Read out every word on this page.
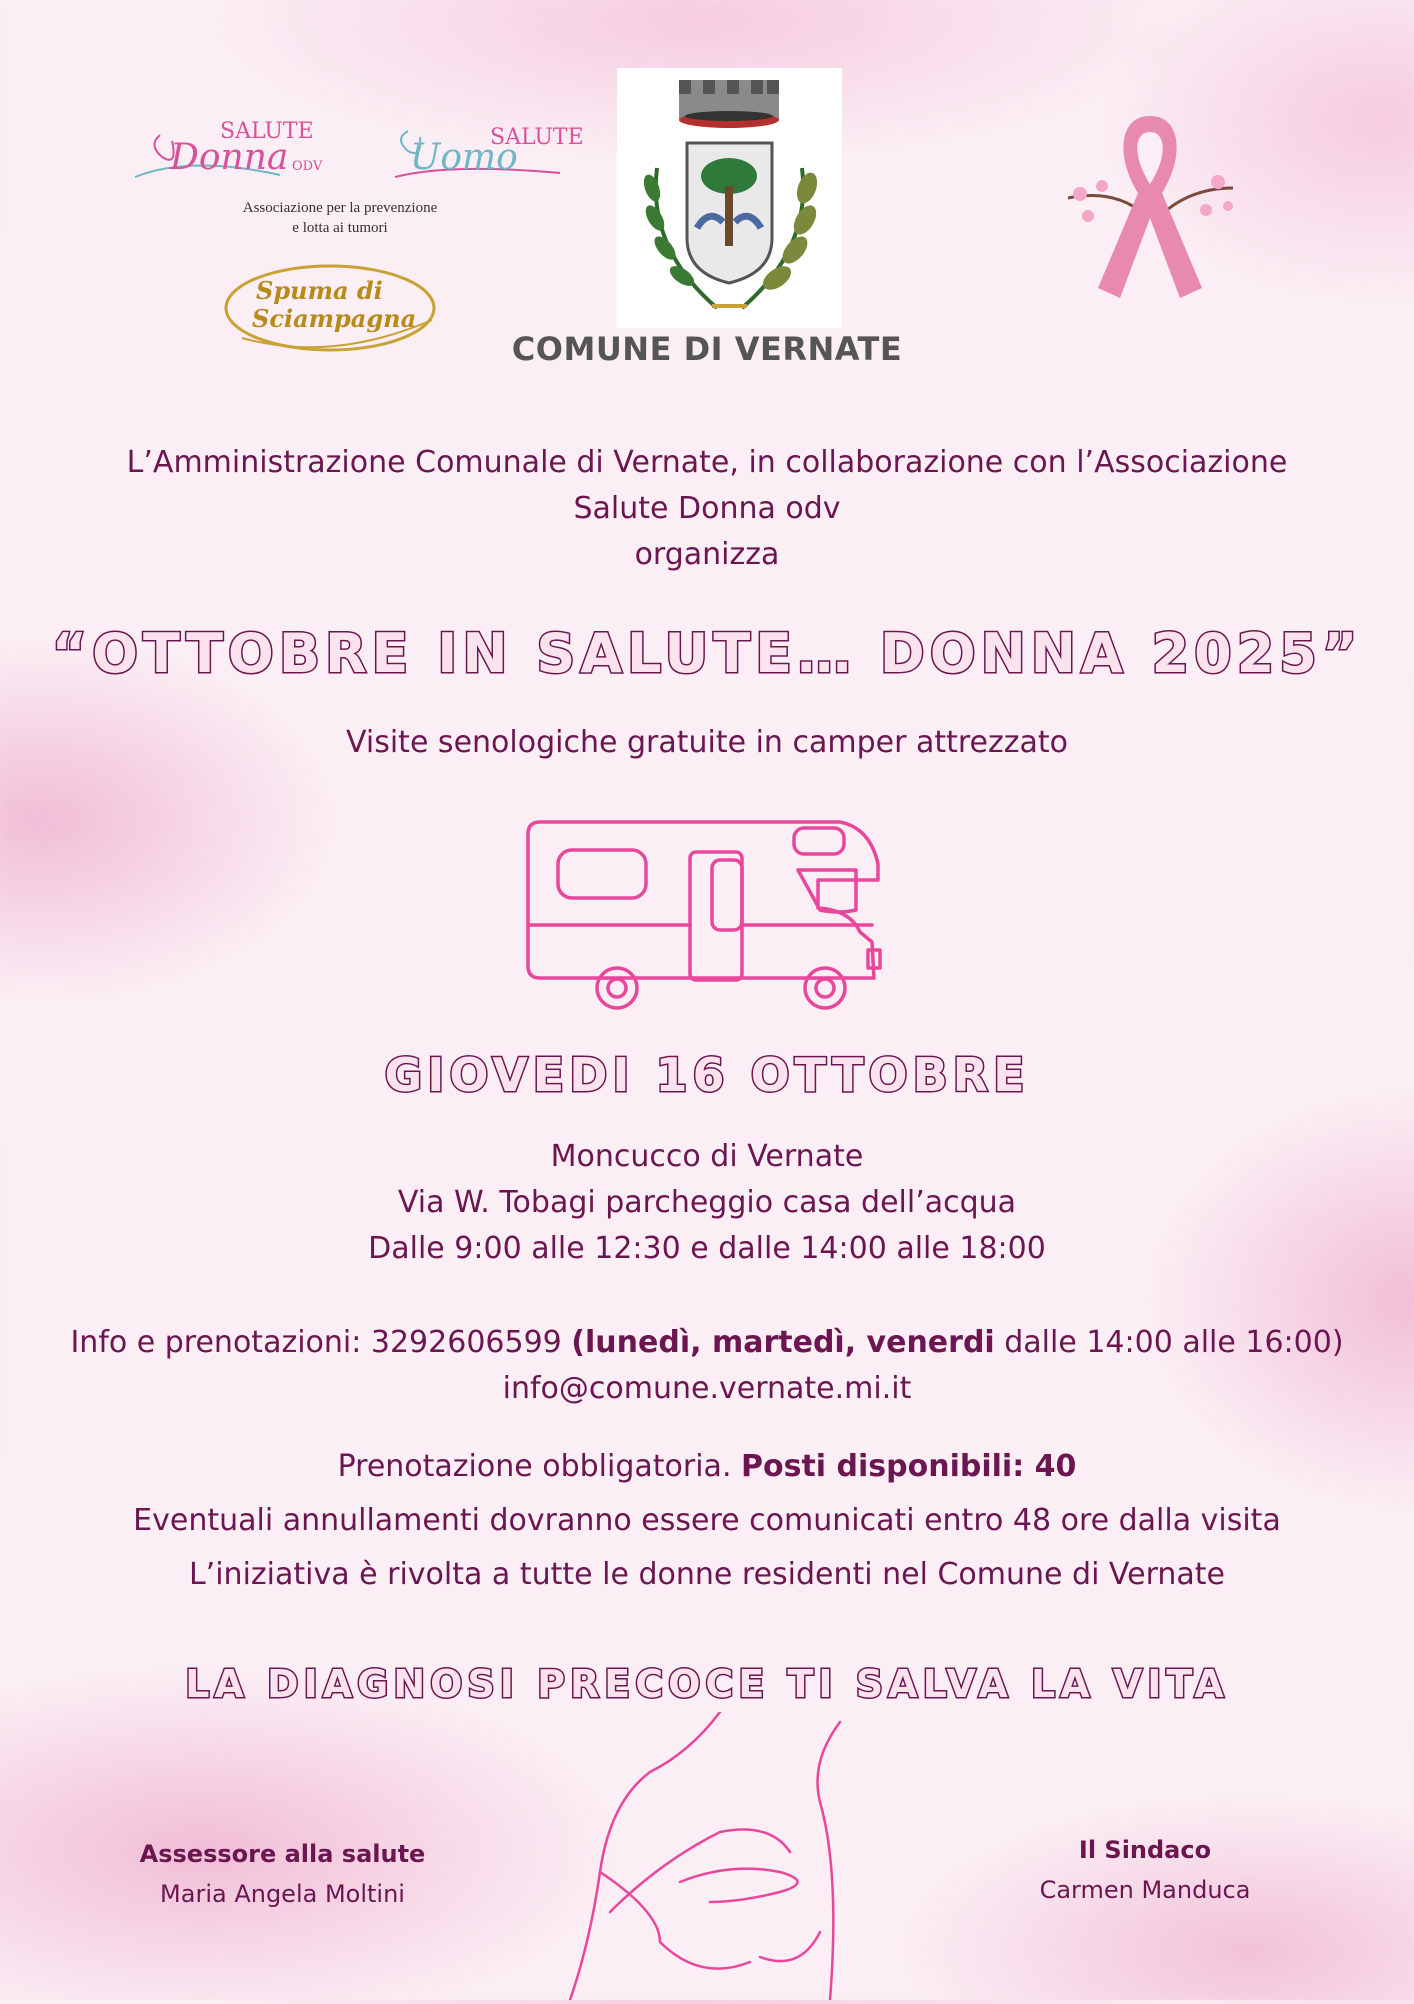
SALUTE
Donna ODV
SALUTE
Uomo
Associazione per la prevenzione
e lotta ai tumori
Spuma di
Sciampagna
COMUNE DI VERNATE
L’Amministrazione Comunale di Vernate, in collaborazione con l’Associazione
Salute Donna odv
organizza
“OTTOBRE IN SALUTE… DONNA 2025”
Visite senologiche gratuite in camper attrezzato
GIOVEDI 16 OTTOBRE
Moncucco di Vernate
Via W. Tobagi parcheggio casa dell’acqua
Dalle 9:00 alle 12:30 e dalle 14:00 alle 18:00
Info e prenotazioni: 3292606599 (lunedì, martedì, venerdi dalle 14:00 alle 16:00)
info@comune.vernate.mi.it
Prenotazione obbligatoria. Posti disponibili: 40
Eventuali annullamenti dovranno essere comunicati entro 48 ore dalla visita
L’iniziativa è rivolta a tutte le donne residenti nel Comune di Vernate
LA DIAGNOSI PRECOCE TI SALVA LA VITA
Assessore alla salute
Maria Angela Moltini
Il Sindaco
Carmen Manduca
